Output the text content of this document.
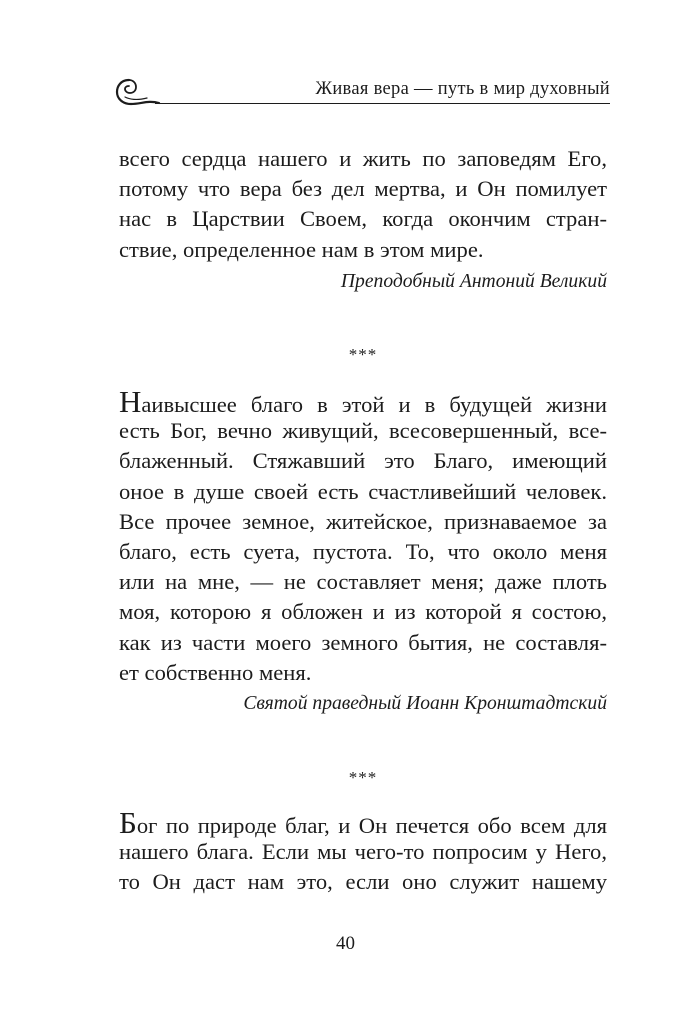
Живая вера — путь в мир духовный
всего сердца нашего и жить по заповедям Его,
потому что вера без дел мертва, и Он помилует
нас в Царствии Своем, когда окончим стран-
ствие, определенное нам в этом мире.
Преподобный Антоний Великий
***
Наивысшее благо в этой и в будущей жизни
есть Бог, вечно живущий, всесовершенный, все-
блаженный. Стяжавший это Благо, имеющий
оное в душе своей есть счастливейший человек.
Все прочее земное, житейское, признаваемое за
благо, есть суета, пустота. То, что около меня
или на мне, — не составляет меня; даже плоть
моя, которою я обложен и из которой я состою,
как из части моего земного бытия, не составля-
ет собственно меня.
Святой праведный Иоанн Кронштадтский
***
Бог по природе благ, и Он печется обо всем для
нашего блага. Если мы чего-то попросим у Него,
то Он даст нам это, если оно служит нашему
40
